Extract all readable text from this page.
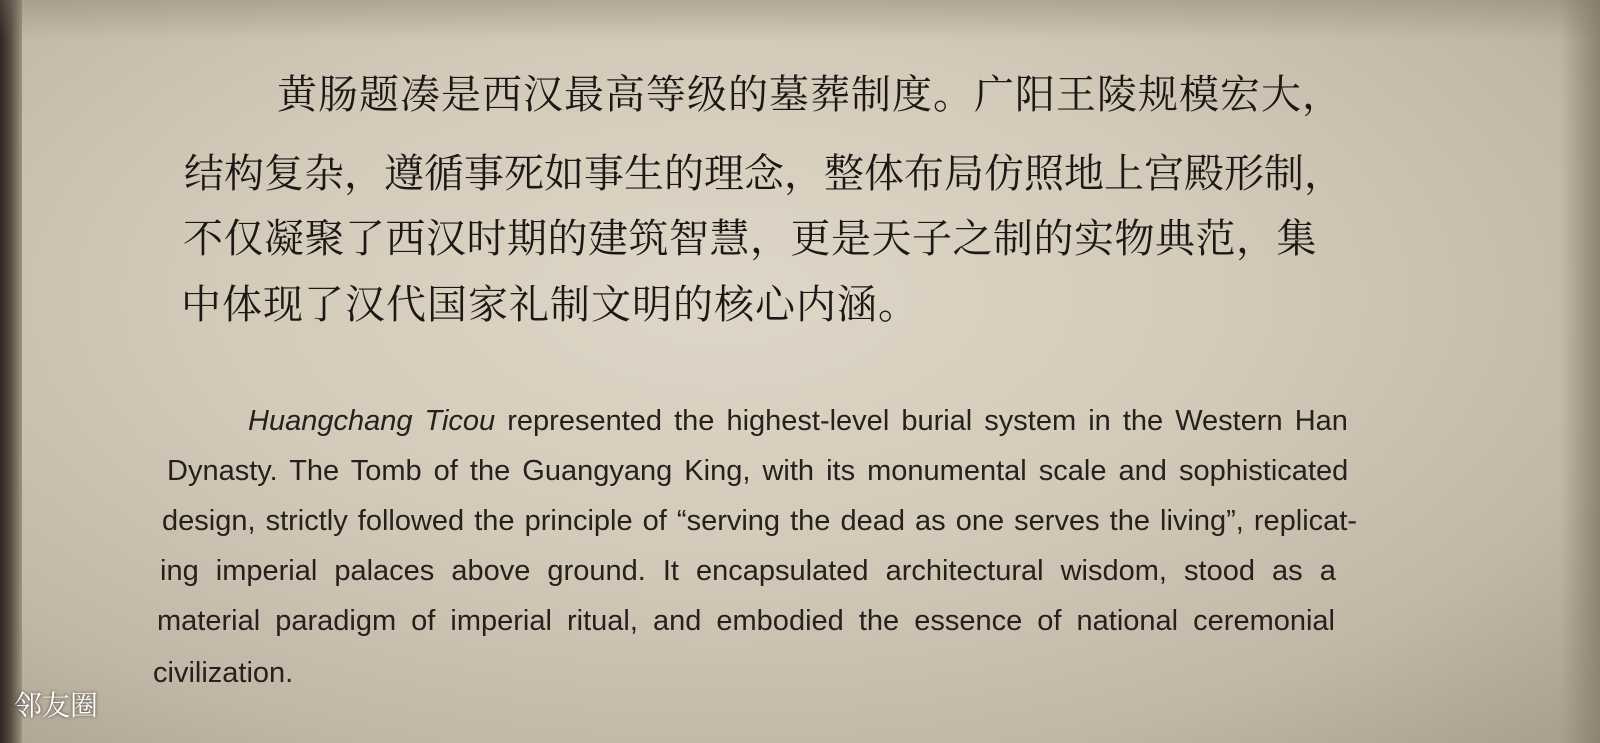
黄肠题凑是西汉最高等级的墓葬制度。广阳王陵规模宏大，
结构复杂，遵循事死如事生的理念，整体布局仿照地上宫殿形制，
不仅凝聚了西汉时期的建筑智慧，更是天子之制的实物典范，集
中体现了汉代国家礼制文明的核心内涵。
Huangchang Ticou represented the highest-level burial system in the Western Han
Dynasty. The Tomb of the Guangyang King, with its monumental scale and sophisticated
design, strictly followed the principle of “serving the dead as one serves the living”, replicat-
ing imperial palaces above ground. It encapsulated architectural wisdom, stood as a
material paradigm of imperial ritual, and embodied the essence of national ceremonial
civilization.
邻友圈
